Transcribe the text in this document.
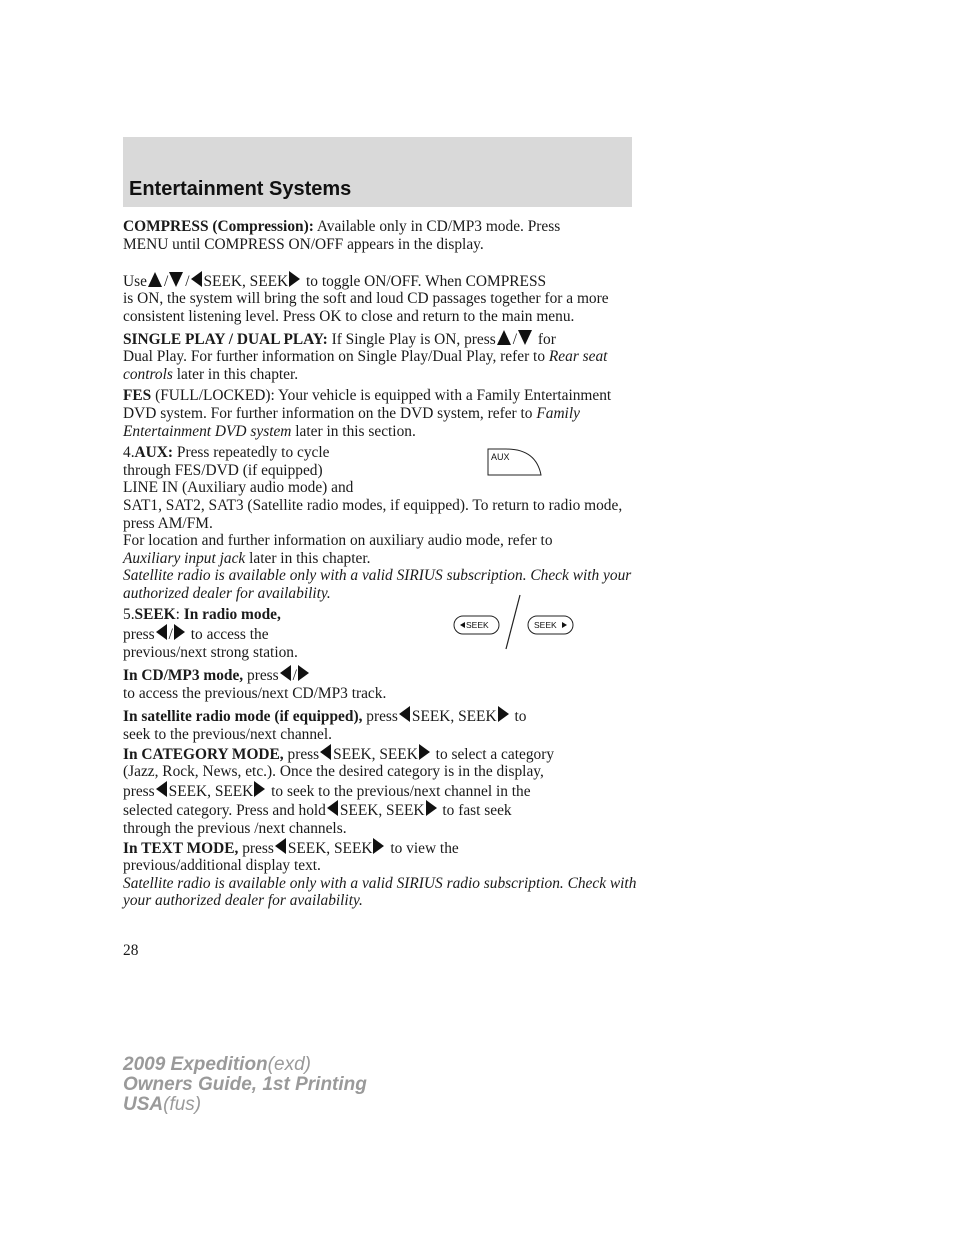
Entertainment Systems

COMPRESS (Compression): Available only in CD/MP3 mode. Press
MENU until COMPRESS ON/OFF appears in the display.

Use / / SEEK, SEEK to toggle ON/OFF. When COMPRESS
is ON, the system will bring the soft and loud CD passages together for a more consistent listening level. Press OK to close and return to the main menu.

SINGLE PLAY / DUAL PLAY: If Single Play is ON, press / for
Dual Play. For further information on Single Play/Dual Play, refer to Rear seat controls later in this chapter.

FES (FULL/LOCKED): Your vehicle is equipped with a Family Entertainment DVD system. For further information on the DVD system, refer to Family Entertainment DVD system later in this section.

4.AUX: Press repeatedly to cycle
through FES/DVD (if equipped)
LINE IN (Auxiliary audio mode) and
SAT1, SAT2, SAT3 (Satellite radio modes, if equipped). To return to radio mode, press AM/FM.
For location and further information on auxiliary audio mode, refer to
Auxiliary input jack later in this chapter.
Satellite radio is available only with a valid SIRIUS subscription. Check with your authorized dealer for availability.

5.SEEK: In radio mode,
press / to access the
previous/next strong station.

In CD/MP3 mode, press /
to access the previous/next CD/MP3 track.

In satellite radio mode (if equipped), press SEEK, SEEK to
seek to the previous/next channel.
In CATEGORY MODE, press SEEK, SEEK to select a category
(Jazz, Rock, News, etc.). Once the desired category is in the display,
press SEEK, SEEK to seek to the previous/next channel in the
selected category. Press and hold SEEK, SEEK to fast seek
through the previous /next channels.
In TEXT MODE, press SEEK, SEEK to view the
previous/additional display text.
Satellite radio is available only with a valid SIRIUS radio subscription. Check with your authorized dealer for availability.

AUX
SEEK	SEEK
28
2009 Expedition(exd)
Owners Guide, 1st Printing
USA(fus)
